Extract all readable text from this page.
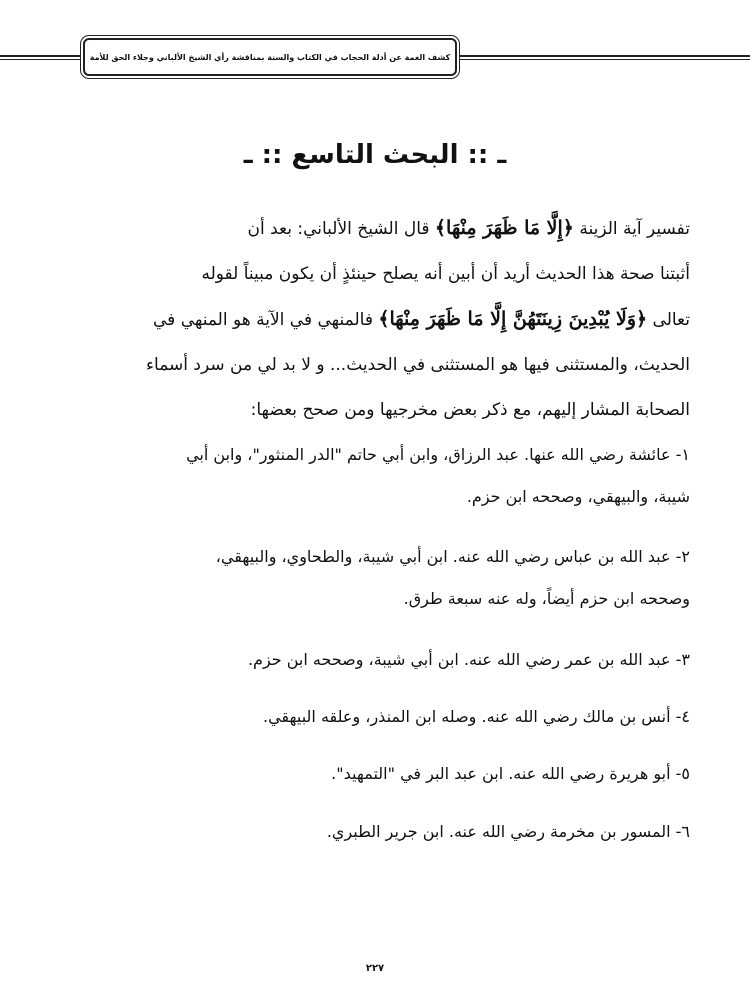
كشف الغمة عن أدلة الحجاب في الكتاب والسنة بمناقشة رأي الشيخ الألباني وجلاء الحق للأمة
ـ :: البحث التاسع :: ـ

تفسير آية الزينة ﴿إِلَّا مَا ظَهَرَ مِنْهَا﴾ قال الشيخ الألباني: بعد أن

أثبتنا صحة هذا الحديث أريد أن أبين أنه يصلح حينئذٍ أن يكون مبيناً لقوله

تعالى ﴿وَلَا يُبْدِينَ زِينَتَهُنَّ إِلَّا مَا ظَهَرَ مِنْهَا﴾ فالمنهي في الآية هو المنهي في

الحديث، والمستثنى فيها هو المستثنى في الحديث... و لا بد لي من سرد أسماء

الصحابة المشار إليهم، مع ذكر بعض مخرجيها ومن صحح بعضها:

١- عائشة رضي الله عنها. عبد الرزاق، وابن أبي حاتم "الدر المنثور"، وابن أبي
شيبة، والبيهقي، وصححه ابن حزم.
٢- عبد الله بن عباس رضي الله عنه. ابن أبي شيبة، والطحاوي، والبيهقي،
وصححه ابن حزم أيضاً، وله عنه سبعة طرق.
٣- عبد الله بن عمر رضي الله عنه. ابن أبي شيبة، وصححه ابن حزم.
٤- أنس بن مالك رضي الله عنه. وصله ابن المنذر، وعلقه البيهقي.
٥- أبو هريرة رضي الله عنه. ابن عبد البر في "التمهيد".
٦- المسور بن مخرمة رضي الله عنه. ابن جرير الطبري.
٢٢٧
